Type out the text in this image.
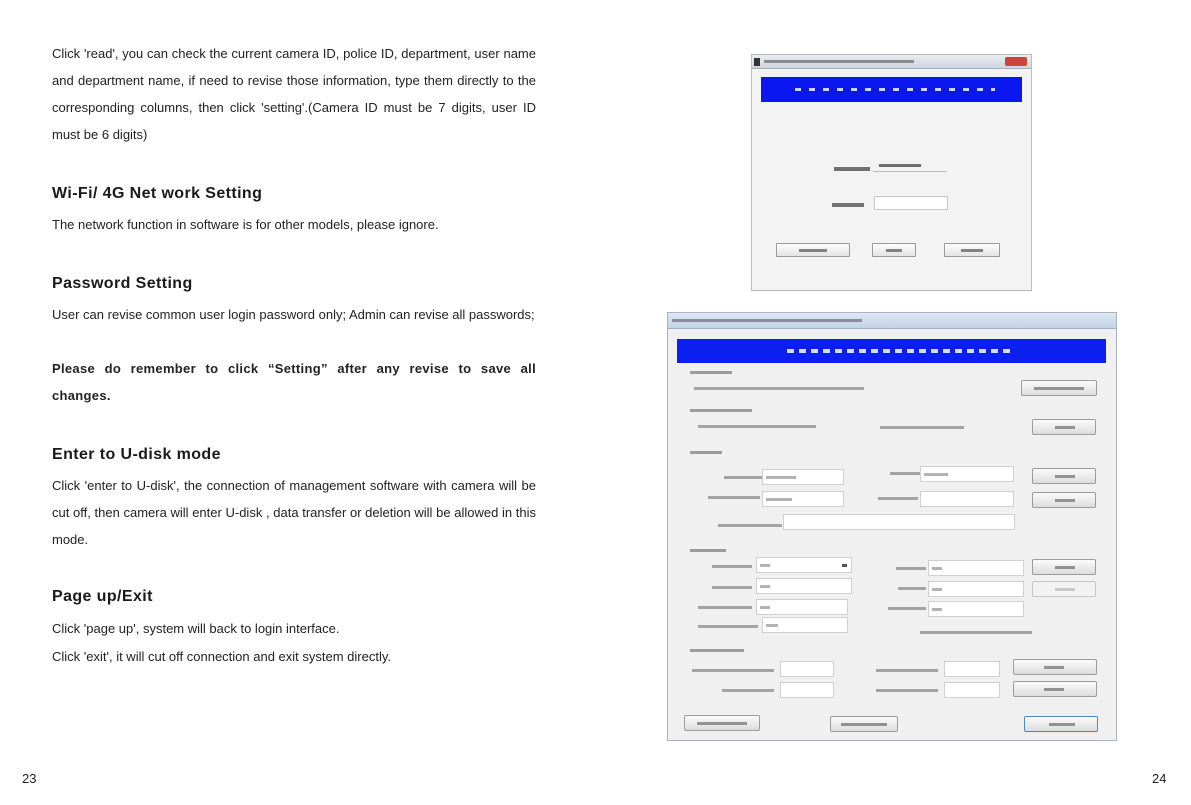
Click 'read', you can check the current camera ID, police ID, department, user name and department name, if need to revise those information, type them directly to the corresponding columns, then click 'setting'.(Camera ID must be 7 digits, user ID must be 6 digits)

Wi-Fi/ 4G Net work Setting

The network function in software is for other models, please ignore.

Password Setting

User can revise common user login password only; Admin can revise all passwords;

Please do remember to click “Setting” after any revise to save all changes.

Enter to U-disk mode

Click 'enter to U-disk', the connection of management software with camera will be cut off, then camera will enter U-disk , data transfer or deletion will be allowed in this mode.

Page up/Exit

Click 'page up', system will back to login interface.

Click 'exit', it will cut off connection and exit system directly.

23	24
